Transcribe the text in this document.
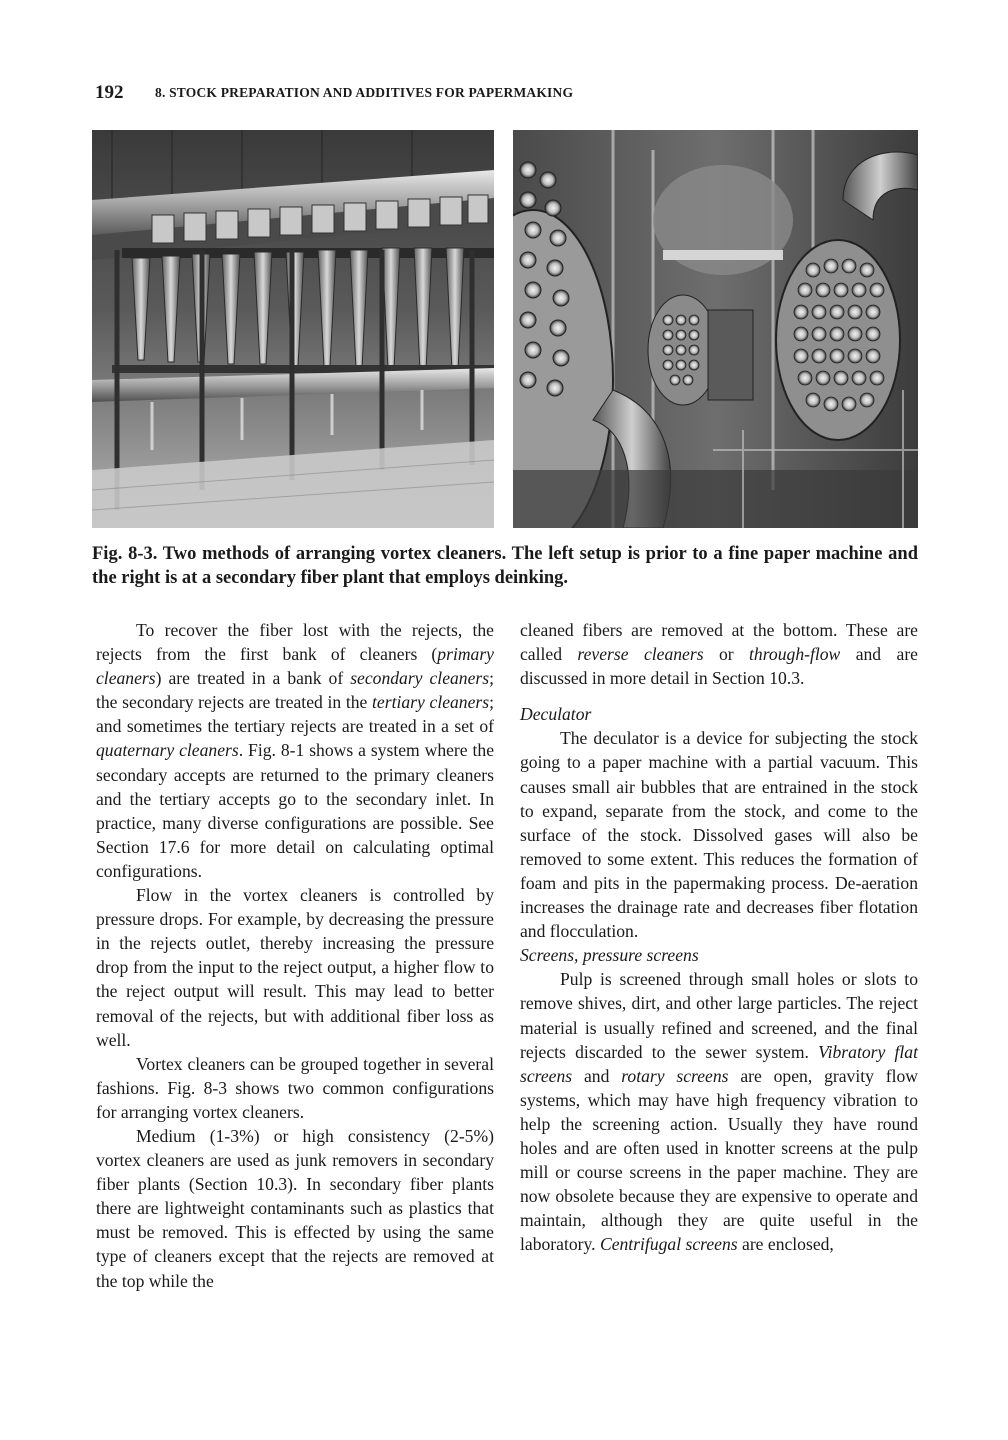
192 8. STOCK PREPARATION AND ADDITIVES FOR PAPERMAKING
Fig. 8-3. Two methods of arranging vortex cleaners. The left setup is prior to a fine paper machine and the right is at a secondary fiber plant that employs deinking.

To recover the fiber lost with the rejects, the rejects from the first bank of cleaners (primary cleaners) are treated in a bank of secondary cleaners; the secondary rejects are treated in the tertiary cleaners; and sometimes the tertiary rejects are treated in a set of quaternary cleaners. Fig. 8-1 shows a system where the secondary accepts are returned to the primary cleaners and the tertiary accepts go to the secondary inlet. In practice, many diverse configurations are possible. See Section 17.6 for more detail on calculating optimal configurations.

Flow in the vortex cleaners is controlled by pressure drops. For example, by decreasing the pressure in the rejects outlet, thereby increasing the pressure drop from the input to the reject output, a higher flow to the reject output will result. This may lead to better removal of the rejects, but with additional fiber loss as well.

Vortex cleaners can be grouped together in several fashions. Fig. 8-3 shows two common configurations for arranging vortex cleaners.

Medium (1-3%) or high consistency (2-5%) vortex cleaners are used as junk removers in secondary fiber plants (Section 10.3). In secondary fiber plants there are lightweight contaminants such as plastics that must be removed. This is effected by using the same type of cleaners except that the rejects are removed at the top while the

cleaned fibers are removed at the bottom. These are called reverse cleaners or through-flow and are discussed in more detail in Section 10.3.

Deculator

The deculator is a device for subjecting the stock going to a paper machine with a partial vacuum. This causes small air bubbles that are entrained in the stock to expand, separate from the stock, and come to the surface of the stock. Dissolved gases will also be removed to some extent. This reduces the formation of foam and pits in the papermaking process. De-aeration increases the drainage rate and decreases fiber flotation and flocculation.

Screens, pressure screens

Pulp is screened through small holes or slots to remove shives, dirt, and other large particles. The reject material is usually refined and screened, and the final rejects discarded to the sewer system. Vibratory flat screens and rotary screens are open, gravity flow systems, which may have high frequency vibration to help the screening action. Usually they have round holes and are often used in knotter screens at the pulp mill or course screens in the paper machine. They are now obsolete because they are expensive to operate and maintain, although they are quite useful in the laboratory. Centrifugal screens are enclosed,
